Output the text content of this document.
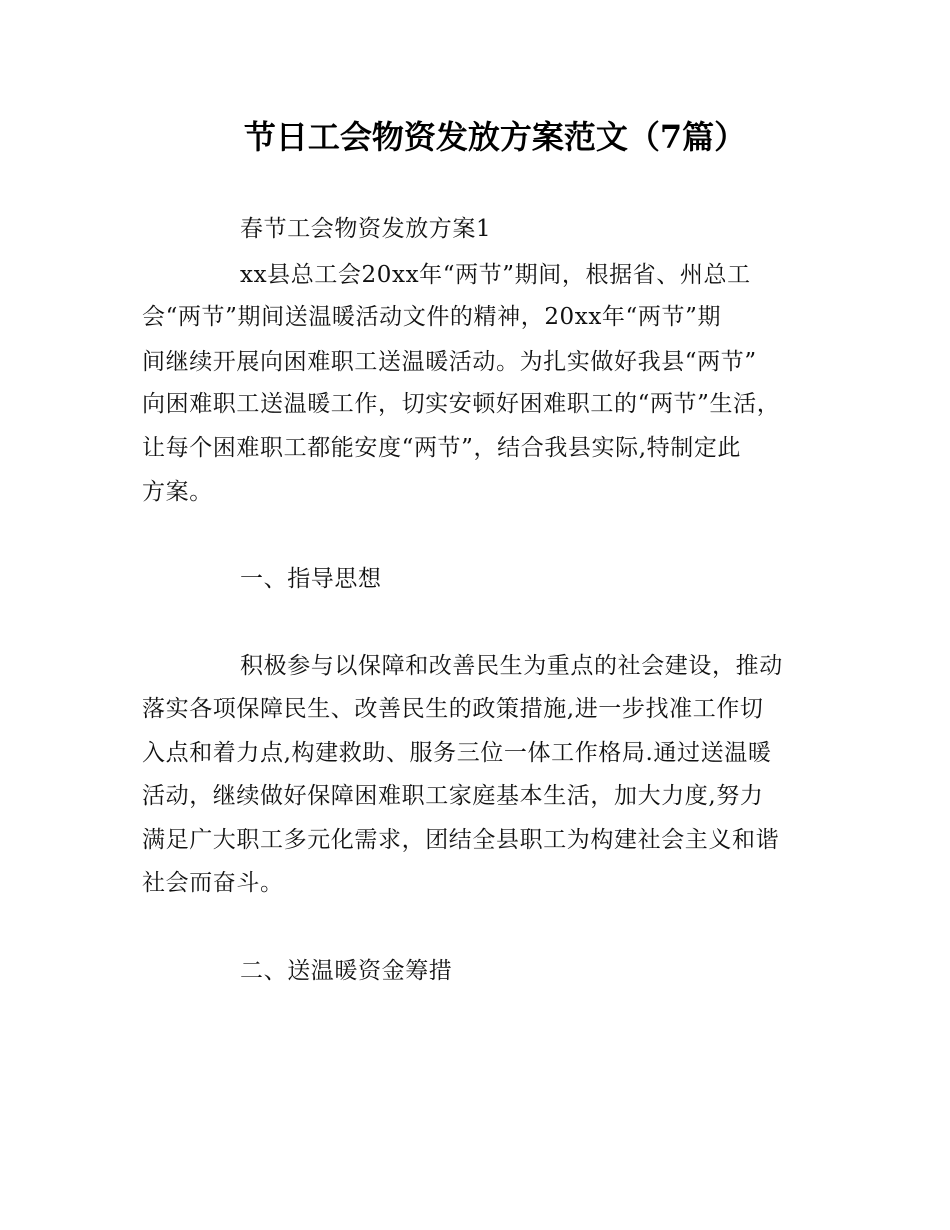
节日工会物资发放方案范文（7篇）
春节工会物资发放方案1
xx县总工会20xx年“两节”期间，根据省、州总工
会“两节”期间送温暖活动文件的精神，20xx年“两节”期
间继续开展向困难职工送温暖活动。为扎实做好我县“两节”
向困难职工送温暖工作，切实安顿好困难职工的“两节”生活，
让每个困难职工都能安度“两节”，结合我县实际,特制定此
方案。
一、指导思想
积极参与以保障和改善民生为重点的社会建设，推动
落实各项保障民生、改善民生的政策措施,进一步找准工作切
入点和着力点,构建救助、服务三位一体工作格局.通过送温暖
活动，继续做好保障困难职工家庭基本生活，加大力度,努力
满足广大职工多元化需求，团结全县职工为构建社会主义和谐
社会而奋斗。
二、送温暖资金筹措
